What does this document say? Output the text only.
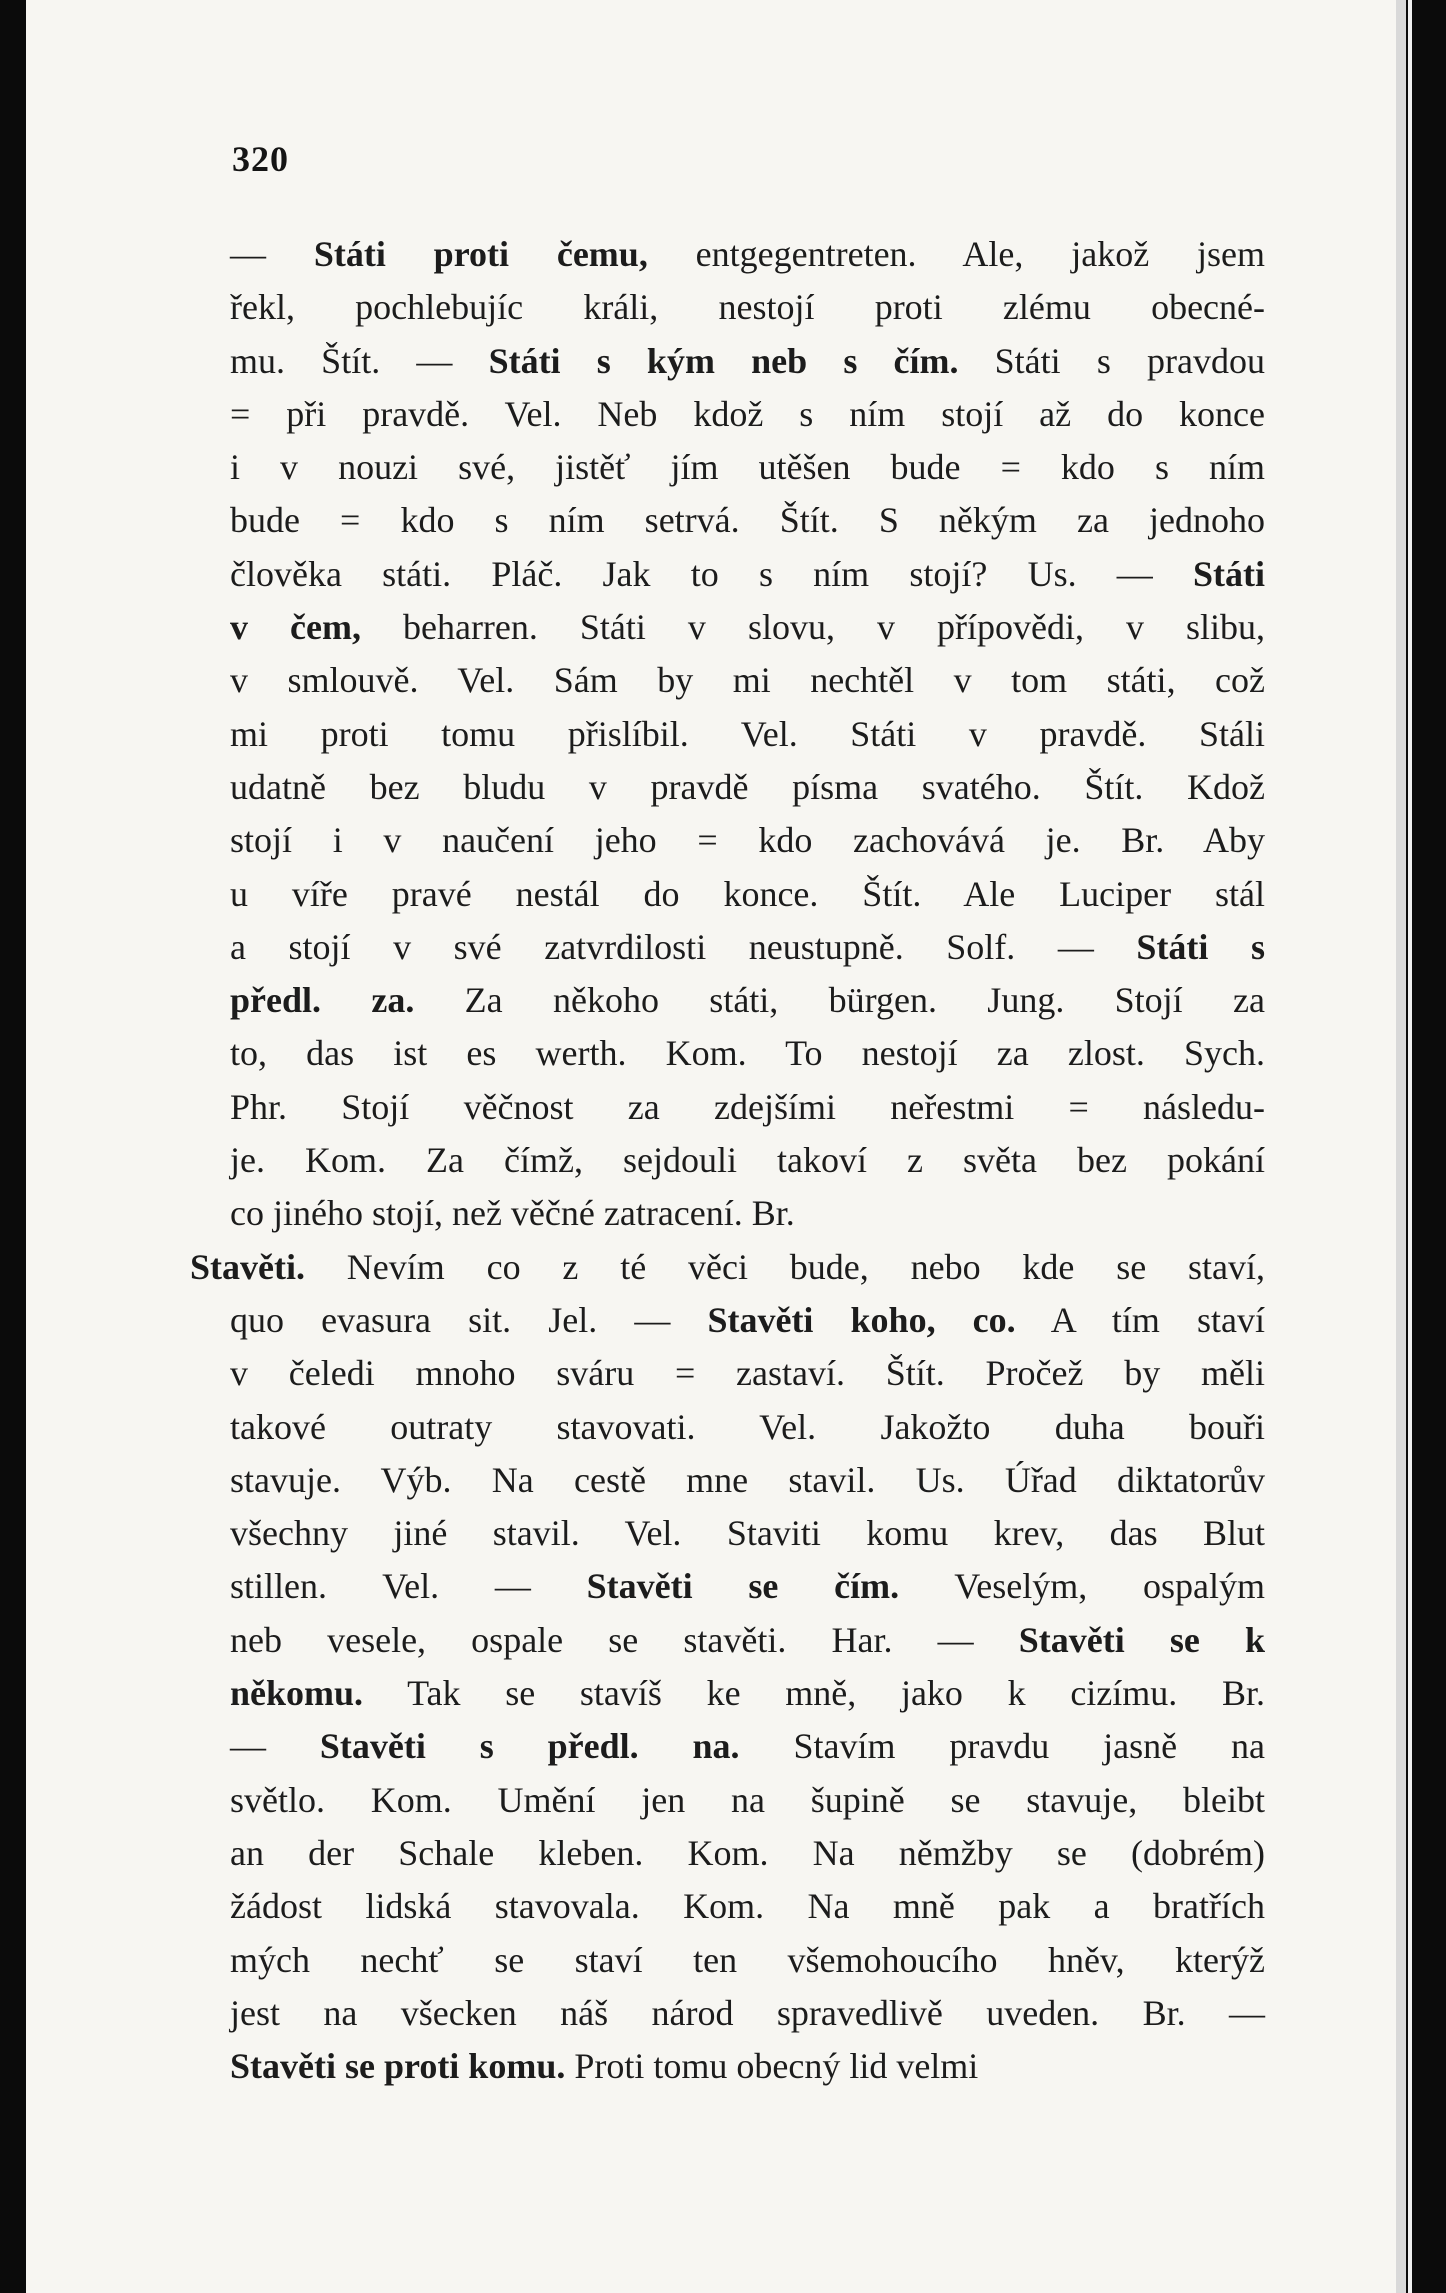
320
— Státi proti čemu, entgegentreten. Ale, jakož jsem
řekl, pochlebujíc králi, nestojí proti zlému obecné-
mu. Štít. — Státi s kým neb s čím. Státi s pravdou
= při pravdě. Vel. Neb kdož s ním stojí až do konce
i v nouzi své, jistěť jím utěšen bude = kdo s ním
bude = kdo s ním setrvá. Štít. S někým za jednoho
člověka státi. Pláč. Jak to s ním stojí? Us. — Státi
v čem, beharren. Státi v slovu, v přípovědi, v slibu,
v smlouvě. Vel. Sám by mi nechtěl v tom státi, což
mi proti tomu přislíbil. Vel. Státi v pravdě. Stáli
udatně bez bludu v pravdě písma svatého. Štít. Kdož
stojí i v naučení jeho = kdo zachovává je. Br. Aby
u víře pravé nestál do konce. Štít. Ale Luciper stál
a stojí v své zatvrdilosti neustupně. Solf. — Státi s
předl. za. Za někoho státi, bürgen. Jung. Stojí za
to, das ist es werth. Kom. To nestojí za zlost. Sych.
Phr. Stojí věčnost za zdejšími neřestmi = následu-
je. Kom. Za čímž, sejdouli takoví z světa bez pokání
co jiného stojí, než věčné zatracení. Br.
Stavěti. Nevím co z té věci bude, nebo kde se staví,
quo evasura sit. Jel. — Stavěti koho, co. A tím staví
v čeledi mnoho sváru = zastaví. Štít. Pročež by měli
takové outraty stavovati. Vel. Jakožto duha bouři
stavuje. Výb. Na cestě mne stavil. Us. Úřad diktatorův
všechny jiné stavil. Vel. Staviti komu krev, das Blut
stillen. Vel. — Stavěti se čím. Veselým, ospalým
neb vesele, ospale se stavěti. Har. — Stavěti se k
někomu. Tak se stavíš ke mně, jako k cizímu. Br.
— Stavěti s předl. na. Stavím pravdu jasně na
světlo. Kom. Umění jen na šupině se stavuje, bleibt
an der Schale kleben. Kom. Na němžby se (dobrém)
žádost lidská stavovala. Kom. Na mně pak a bratřích
mých nechť se staví ten všemohoucího hněv, kterýž
jest na všecken náš národ spravedlivě uveden. Br. —
Stavěti se proti komu. Proti tomu obecný lid velmi
